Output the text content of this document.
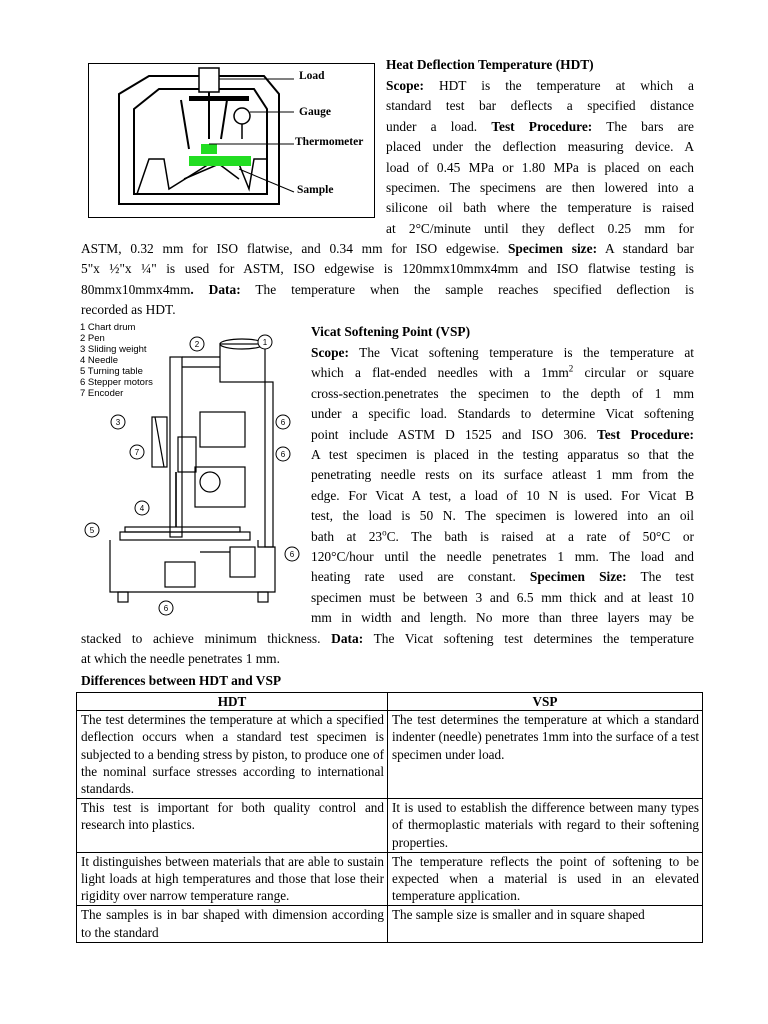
Load
Gauge
Thermometer
Sample
Heat Deflection Temperature (HDT)

Scope: HDT is the temperature at which a

standard test bar deflects a specified distance

under a load. Test Procedure: The bars are

placed under the deflection measuring device. A

load of 0.45 MPa or 1.80 MPa is placed on each

specimen. The specimens are then lowered into a

silicone oil bath where the temperature is raised

at 2°C/minute until they deflect 0.25 mm for

ASTM, 0.32 mm for ISO flatwise, and 0.34 mm for ISO edgewise. Specimen size: A standard bar

5"x ½"x ¼" is used for ASTM, ISO edgewise is 120mmx10mmx4mm and ISO flatwise testing is

80mmx10mmx4mm. Data: The temperature when the sample reaches specified deflection is

recorded as HDT.

1 Chart drum
2 Pen
3 Sliding weight
4 Needle
5 Turning table
6 Stepper motors
7 Encoder
1
2
3
4
5
6
6
6
6
7
Vicat Softening Point (VSP)

Scope: The Vicat softening temperature is the temperature at

which a flat-ended needles with a $1mm^2$ circular or square

cross-section.penetrates the specimen to the depth of 1 mm

under a specific load. Standards to determine Vicat softening

point include ASTM D 1525 and ISO 306. Test Procedure:

A test specimen is placed in the testing apparatus so that the

penetrating needle rests on its surface atleast 1 mm from the

edge. For Vicat A test, a load of 10 N is used. For Vicat B

test, the load is 50 N. The specimen is lowered into an oil

bath at 23$^o$C. The bath is raised at a rate of 50°C or

120°C/hour until the needle penetrates 1 mm. The load and

heating rate used are constant. Specimen Size: The test

specimen must be between 3 and 6.5 mm thick and at least 10

mm in width and length. No more than three layers may be

stacked to achieve minimum thickness. Data: The Vicat softening test determines the temperature

at which the needle penetrates 1 mm.

Differences between HDT and VSP
HDT	VSP
The test determines the temperature at which a specified deflection occurs when a standard test specimen is subjected to a bending stress by piston, to produce one of the nominal surface stresses according to international standards.	The test determines the temperature at which a standard indenter (needle) penetrates 1mm into the surface of a test specimen under load.
This test is important for both quality control and research into plastics.	It is used to establish the difference between many types of thermoplastic materials with regard to their softening properties.
It distinguishes between materials that are able to sustain light loads at high temperatures and those that lose their rigidity over narrow temperature range.	The temperature reflects the point of softening to be expected when a material is used in an elevated temperature application.
The samples is in bar shaped with dimension according to the standard	The sample size is smaller and in square shaped
